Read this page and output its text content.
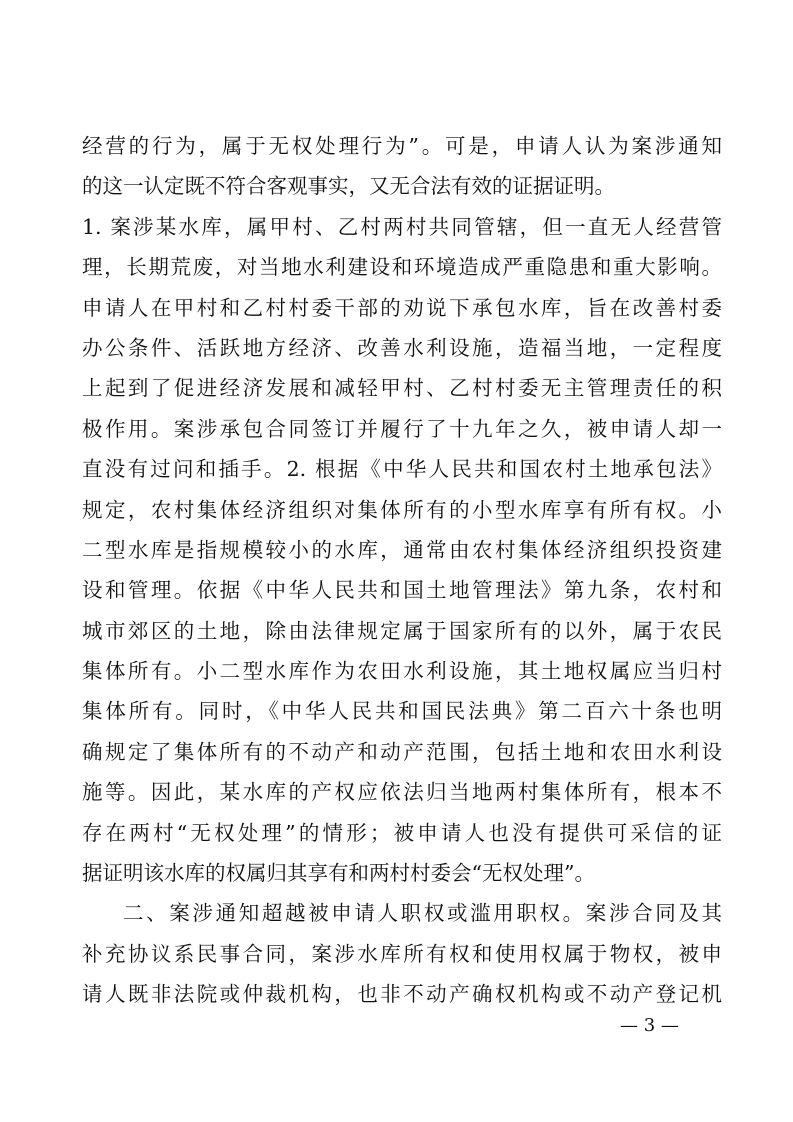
经营的行为，属于无权处理行为”。可是，申请人认为案涉通知
的这一认定既不符合客观事实，又无合法有效的证据证明。
1. 案涉某水库，属甲村、乙村两村共同管辖，但一直无人经营管
理，长期荒废，对当地水利建设和环境造成严重隐患和重大影响。
申请人在甲村和乙村村委干部的劝说下承包水库，旨在改善村委
办公条件、活跃地方经济、改善水利设施，造福当地，一定程度
上起到了促进经济发展和减轻甲村、乙村村委无主管理责任的积
极作用。案涉承包合同签订并履行了十九年之久，被申请人却一
直没有过问和插手。2. 根据《中华人民共和国农村土地承包法》
规定，农村集体经济组织对集体所有的小型水库享有所有权。小
二型水库是指规模较小的水库，通常由农村集体经济组织投资建
设和管理。依据《中华人民共和国土地管理法》第九条，农村和
城市郊区的土地，除由法律规定属于国家所有的以外，属于农民
集体所有。小二型水库作为农田水利设施，其土地权属应当归村
集体所有。同时，《中华人民共和国民法典》第二百六十条也明
确规定了集体所有的不动产和动产范围，包括土地和农田水利设
施等。因此，某水库的产权应依法归当地两村集体所有，根本不
存在两村“无权处理”的情形；被申请人也没有提供可采信的证
据证明该水库的权属归其享有和两村村委会“无权处理”。
二、案涉通知超越被申请人职权或滥用职权。案涉合同及其
补充协议系民事合同，案涉水库所有权和使用权属于物权，被申
请人既非法院或仲裁机构，也非不动产确权机构或不动产登记机
— 3 —
